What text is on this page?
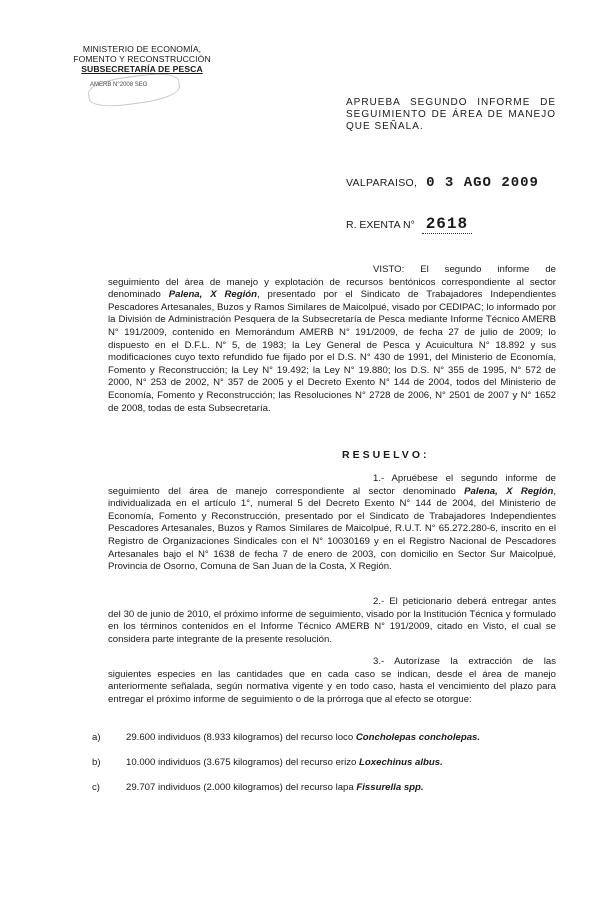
MINISTERIO DE ECONOMÍA,
FOMENTO Y RECONSTRUCCIÓN
SUBSECRETARÍA DE PESCA
AMERB N°2008 SEG
APRUEBA SEGUNDO INFORME DE SEGUIMIENTO DE ÁREA DE MANEJO QUE SEÑALA.
VALPARAISO, 0 3 AGO 2009
R. EXENTA N° 2618
VISTO: El segundo informe de seguimiento del área de manejo y explotación de recursos bentónicos correspondiente al sector denominado Palena, X Región, presentado por el Sindicato de Trabajadores Independientes Pescadores Artesanales, Buzos y Ramos Similares de Maicolpué, visado por CEDIPAC; lo informado por la División de Administración Pesquera de la Subsecretaría de Pesca mediante Informe Técnico AMERB N° 191/2009, contenido en Memorándum AMERB N° 191/2009, de fecha 27 de julio de 2009; lo dispuesto en el D.F.L. N° 5, de 1983; la Ley General de Pesca y Acuicultura N° 18.892 y sus modificaciones cuyo texto refundido fue fijado por el D.S. N° 430 de 1991, del Ministerio de Economía, Fomento y Reconstrucción; la Ley N° 19.492; la Ley N° 19.880; los D.S. N° 355 de 1995, N° 572 de 2000, N° 253 de 2002, N° 357 de 2005 y el Decreto Exento N° 144 de 2004, todos del Ministerio de Economía, Fomento y Reconstrucción; las Resoluciones N° 2728 de 2006, N° 2501 de 2007 y N° 1652 de 2008, todas de esta Subsecretaría.
RESUELVO:
1.- Apruébese el segundo informe de seguimiento del área de manejo correspondiente al sector denominado Palena, X Región, individualizada en el artículo 1°, numeral 5 del Decreto Exento N° 144 de 2004, del Ministerio de Economía, Fomento y Reconstrucción, presentado por el Sindicato de Trabajadores Independientes Pescadores Artesanales, Buzos y Ramos Similares de Maicolpué, R.U.T. N° 65.272.280-6, inscrito en el Registro de Organizaciones Sindicales con el N° 10030169 y en el Registro Nacional de Pescadores Artesanales bajo el N° 1638 de fecha 7 de enero de 2003, con domicilio en Sector Sur Maicolpué, Provincia de Osorno, Comuna de San Juan de la Costa, X Región.
2.- El peticionario deberá entregar antes del 30 de junio de 2010, el próximo informe de seguimiento, visado por la Institución Técnica y formulado en los términos contenidos en el Informe Técnico AMERB N° 191/2009, citado en Visto, el cual se considera parte integrante de la presente resolución.
3.- Autorízase la extracción de las siguientes especies en las cantidades que en cada caso se indican, desde el área de manejo anteriormente señalada, según normativa vigente y en todo caso, hasta el vencimiento del plazo para entregar el próximo informe de seguimiento o de la prórroga que al efecto se otorgue:
a)	29.600 individuos (8.933 kilogramos) del recurso loco Concholepas concholepas.
b)	10.000 individuos (3.675 kilogramos) del recurso erizo Loxechinus albus.
c)	29.707 individuos (2.000 kilogramos) del recurso lapa Fissurella spp.
